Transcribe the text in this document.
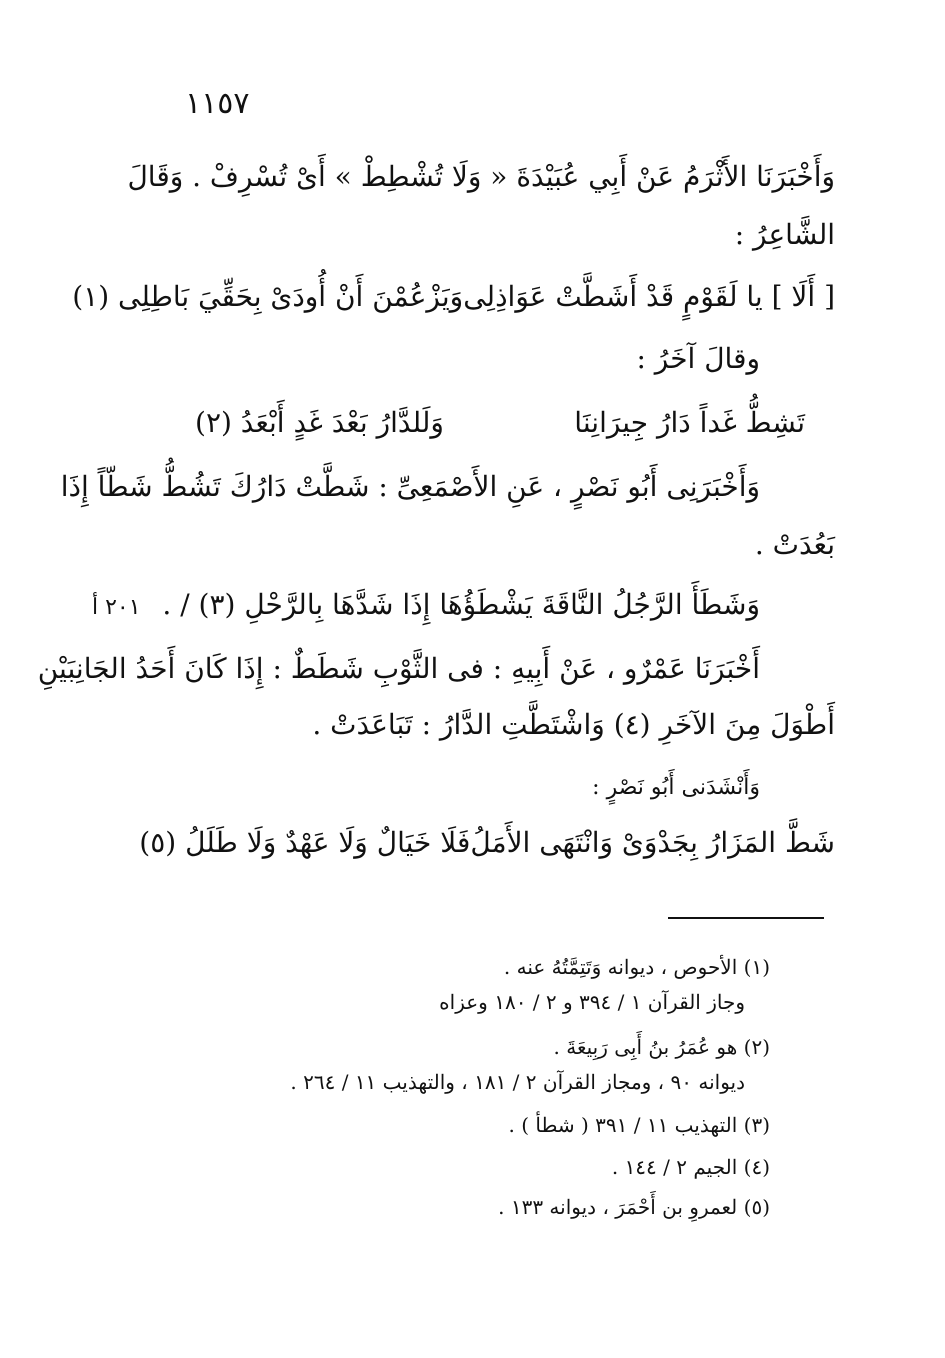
١١٥٧
وَأَخْبَرَنَا الأَثْرَمُ عَنْ أَبِي عُبَيْدَةَ « وَلَا تُشْطِطْ » أَىْ تُسْرِفْ . وَقَالَ
الشَّاعِرُ :
[ أَلَا ] يا لَقَوْمٍ قَدْ أَشَطَّتْ عَوَاذِلِى
وَيَزْعُمْنَ أَنْ أُودَىْ بِحَقِّيَ بَاطِلِى (١)
وقالَ آخَرُ :
تَشِطُّ غَداً دَارُ جِيرَانِنَا
وَلَلدَّارُ بَعْدَ غَدٍ أَبْعَدُ (٢)
وَأَخْبَرَنِى أَبُو نَصْرٍ ، عَنِ الأَصْمَعِىِّ : شَطَّتْ دَارُكَ تَشُطُّ شَطّاً إِذَا
بَعُدَتْ .
وَشَطَأَ الرَّجُلُ النَّاقَةَ يَشْطَؤُهَا إِذَا شَدَّهَا بِالرَّحْلِ (٣) / .
٢٠١ أ
أَخْبَرَنَا عَمْرٌو ، عَنْ أَبِيهِ : فى الثَّوْبِ شَطَطٌ : إِذَا كَانَ أَحَدُ الجَانِبَيْنِ
أَطْوَلَ مِنَ الآخَرِ (٤) وَاشْتَطَّتِ الدَّارُ : تَبَاعَدَتْ .
وَأَنْشَدَنى أَبُو نَصْرٍ :
شَطَّ المَزَارُ بِجَدْوَىْ وَانْتَهَى الأَمَلُ
فَلَا خَيَالٌ وَلَا عَهْدٌ وَلَا طَلَلُ (٥)
(١) الأحوص ، ديوانه وَتَتِمَّتُهُ عنه .
وجاز القرآن ١ / ٣٩٤ و ٢ / ١٨٠ وعزاه
(٢) هو عُمَرُ بنُ أَبِى رَبِيعَةَ .
ديوانه ٩٠ ، ومجاز القرآن ٢ / ١٨١ ، والتهذيب ١١ / ٢٦٤ .
(٣) التهذيب ١١ / ٣٩١ ( شطأ ) .
(٤) الجيم ٢ / ١٤٤ .
(٥) لعمروِ بن أَحْمَرَ ، ديوانه ١٣٣ .
